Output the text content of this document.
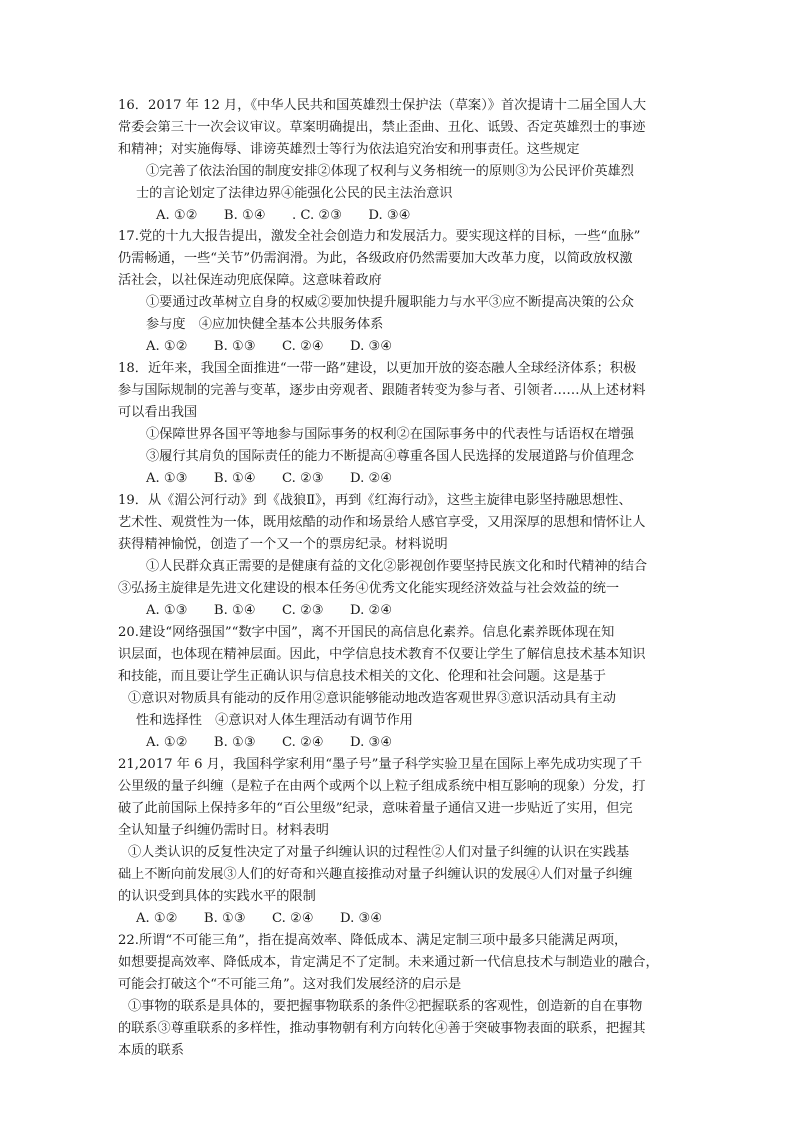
16．2017 年 12 月，《中华人民共和国英雄烈士保护法（草案）》首次提请十二届全国人大
常委会第三十一次会议审议。草案明确提出，禁止歪曲、丑化、诋毁、否定英雄烈士的事迹
和精神；对实施侮辱、诽谤英雄烈士等行为依法追究治安和刑事责任。这些规定
①完善了依法治国的制度安排②体现了权利与义务相统一的原则③为公民评价英雄烈
士的言论划定了法律边界④能强化公民的民主法治意识
A. ①②　　B. ①④　　. C. ②③　　D. ③④
17.党的十九大报告提出，激发全社会创造力和发展活力。要实现这样的目标，一些“血脉”
仍需畅通，一些“关节”仍需润滑。为此，各级政府仍然需要加大改革力度，以简政放权激
活社会，以社保连动兜底保障。这意味着政府
①要通过改革树立自身的权威②要加快提升履职能力与水平③应不断提高决策的公众
参与度　④应加快健全基本公共服务体系
A. ①②　　B. ①③　　C. ②④　　D. ③④
18．近年来，我国全面推进“一带一路”建设，以更加开放的姿态融人全球经济体系；积极
参与国际规制的完善与变革，逐步由旁观者、跟随者转变为参与者、引领者……从上述材料
可以看出我国
①保障世界各国平等地参与国际事务的权利②在国际事务中的代表性与话语权在增强
③履行其肩负的国际责任的能力不断提高④尊重各国人民选择的发展道路与价值理念
A. ①③　　B. ①④　　C. ②③　　D. ②④
19．从《湄公河行动》到《战狼Ⅱ》，再到《红海行动》，这些主旋律电影坚持融思想性、
艺术性、观赏性为一体，既用炫酷的动作和场景给人感官享受，又用深厚的思想和情怀让人
获得精神愉悦，创造了一个又一个的票房纪录。材料说明
①人民群众真正需要的是健康有益的文化②影视创作要坚持民族文化和时代精神的结合
③弘扬主旋律是先进文化建设的根本任务④优秀文化能实现经济效益与社会效益的统一
A. ①③　　B. ①④　　C. ②③　　D. ②④
20.建设“网络强国”“数字中国”，离不开国民的高信息化素养。信息化素养既体现在知
识层面，也体现在精神层面。因此，中学信息技术教育不仅要让学生了解信息技术基本知识
和技能，而且要让学生正确认识与信息技术相关的文化、伦理和社会问题。这是基于
①意识对物质具有能动的反作用②意识能够能动地改造客观世界③意识活动具有主动
性和选择性　④意识对人体生理活动有调节作用
A. ①②　　B. ①③　　C. ②④　　D. ③④
21,2017 年 6 月，我国科学家利用“墨子号”量子科学实验卫星在国际上率先成功实现了千
公里级的量子纠缠（是粒子在由两个或两个以上粒子组成系统中相互影响的现象）分发，打
破了此前国际上保持多年的“百公里级”纪录，意味着量子通信又进一步贴近了实用，但完
全认知量子纠缠仍需时日。材料表明
①人类认识的反复性决定了对量子纠缠认识的过程性②人们对量子纠缠的认识在实践基
础上不断向前发展③人们的好奇和兴趣直接推动对量子纠缠认识的发展④人们对量子纠缠
的认识受到具体的实践水平的限制
A. ①②　　B. ①③　　C. ②④　　D. ③④
22.所谓“不可能三角”，指在提高效率、降低成本、满足定制三项中最多只能满足两项，
如想要提高效率、降低成本，肯定满足不了定制。未来通过新一代信息技术与制造业的融合，
可能会打破这个“不可能三角”。这对我们发展经济的启示是
①事物的联系是具体的，要把握事物联系的条件②把握联系的客观性，创造新的自在事物
的联系③尊重联系的多样性，推动事物朝有利方向转化④善于突破事物表面的联系，把握其
本质的联系
